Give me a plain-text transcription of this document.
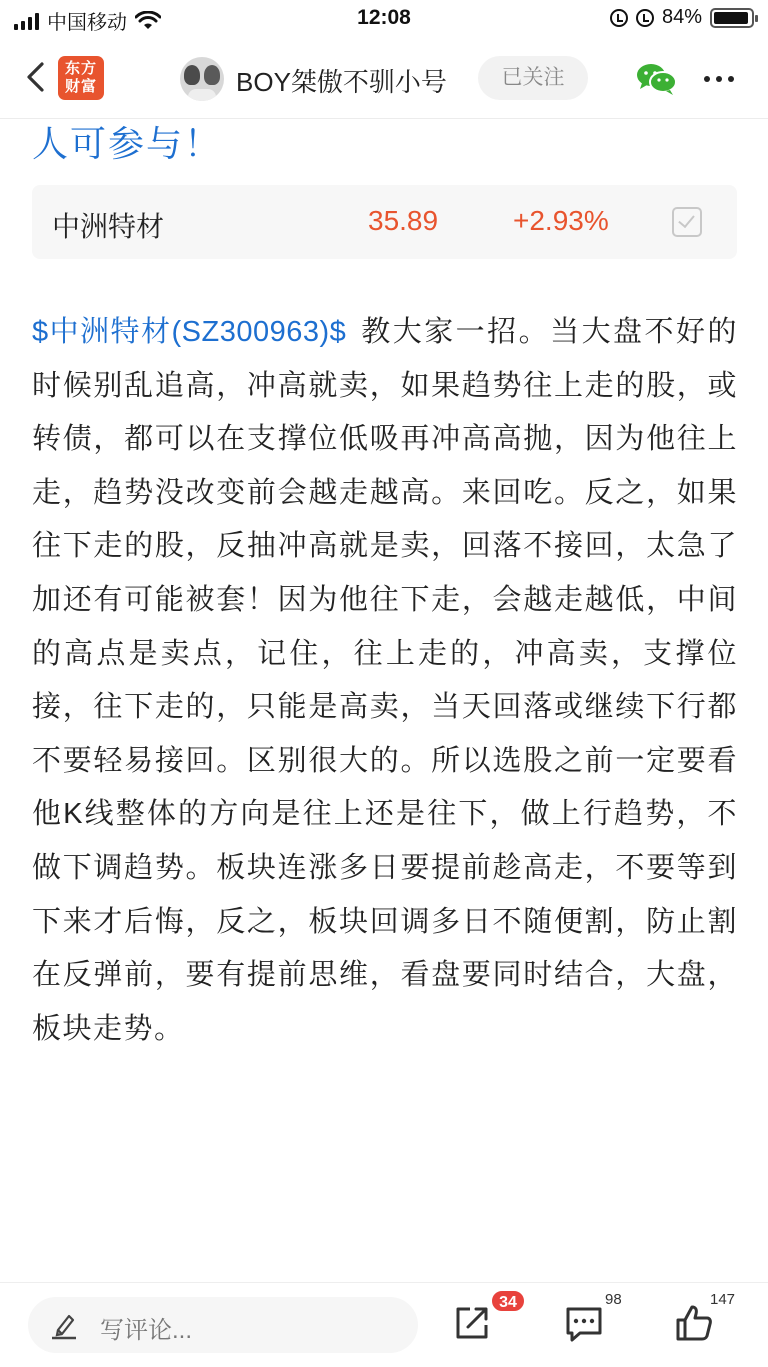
中国移动	12:08	84%
东方
财富	BOY桀傲不驯小号	已关注
人可参与！
中洲特材	35.89	+2.93%
$中洲特材(SZ300963)$ 教大家一招。当大盘不好的时候别乱追高，冲高就卖，如果趋势往上走的股，或转债，都可以在支撑位低吸再冲高高抛，因为他往上走，趋势没改变前会越走越高。来回吃。反之，如果往下走的股，反抽冲高就是卖，回落不接回，太急了加还有可能被套！因为他往下走，会越走越低，中间的高点是卖点，记住，往上走的，冲高卖，支撑位接，往下走的，只能是高卖，当天回落或继续下行都不要轻易接回。区别很大的。所以选股之前一定要看他K线整体的方向是往上还是往下，做上行趋势，不做下调趋势。板块连涨多日要提前趁高走，不要等到下来才后悔，反之，板块回调多日不随便割，防止割在反弹前，要有提前思维，看盘要同时结合，大盘，板块走势。
写评论...
34	98	147
